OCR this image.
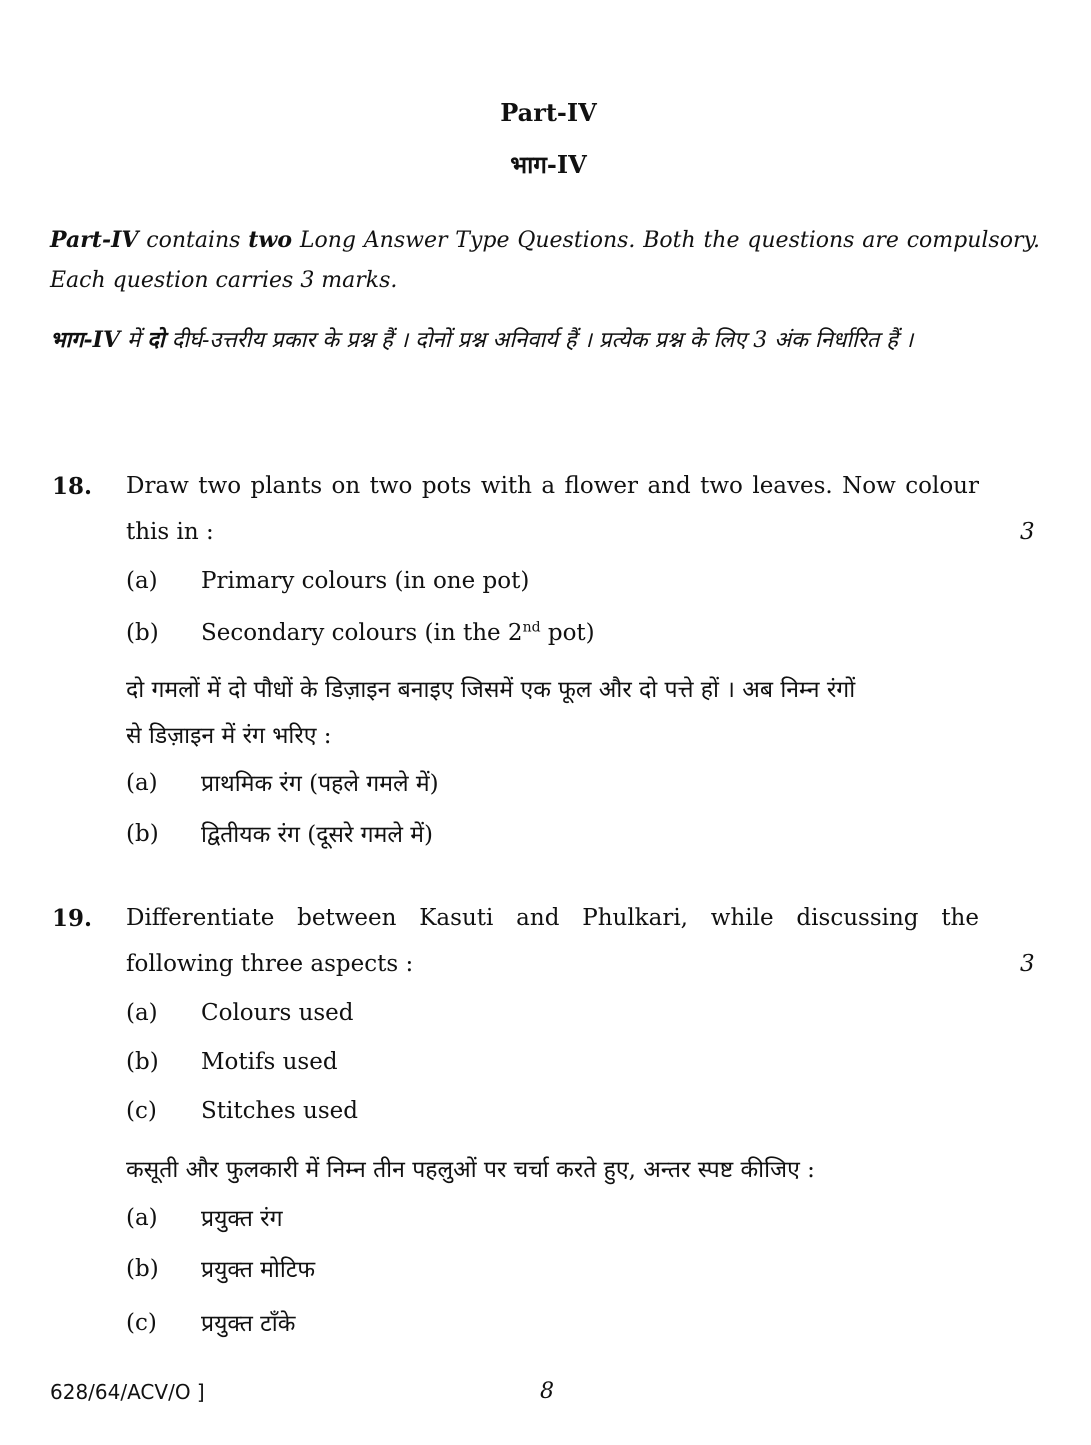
Part-IV
भाग-IV
Part-IV contains two Long Answer Type Questions. Both the questions are compulsory. Each question carries 3 marks.
भाग-IV में दो दीर्घ-उत्तरीय प्रकार के प्रश्न हैं । दोनों प्रश्न अनिवार्य हैं । प्रत्येक प्रश्न के लिए 3 अंक निर्धारित हैं ।
18. Draw two plants on two pots with a flower and two leaves. Now colour
this in :	3
(a) Primary colours (in one pot)
(b) Secondary colours (in the 2nd pot)
दो गमलों में दो पौधों के डिज़ाइन बनाइए जिसमें एक फूल और दो पत्ते हों । अब निम्न रंगों
से डिज़ाइन में रंग भरिए :
(a) प्राथमिक रंग (पहले गमले में)
(b) द्वितीयक रंग (दूसरे गमले में)
19. Differentiate between Kasuti and Phulkari, while discussing the
following three aspects :	3
(a) Colours used
(b) Motifs used
(c) Stitches used
कसूती और फुलकारी में निम्न तीन पहलुओं पर चर्चा करते हुए, अन्तर स्पष्ट कीजिए :
(a) प्रयुक्त रंग
(b) प्रयुक्त मोटिफ
(c) प्रयुक्त टाँके
628/64/ACV/O ]	8
